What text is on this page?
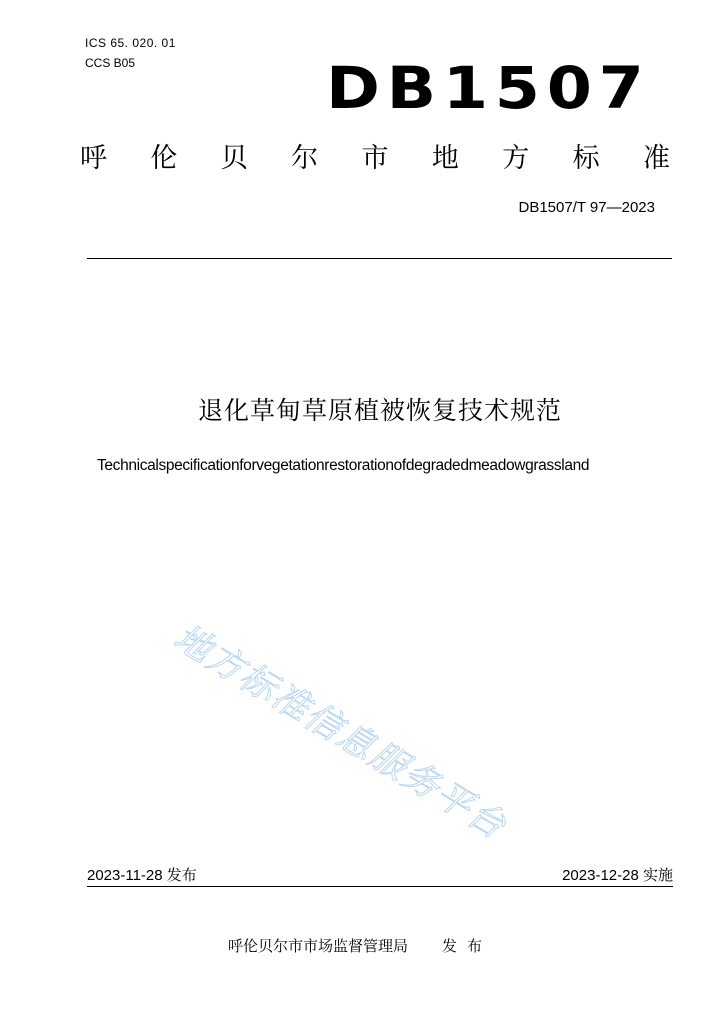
ICS 65. 020. 01
CCS B05	DB1507
呼 伦 贝 尔 市 地 方 标 准
DB1507/T 97—2023
退化草甸草原植被恢复技术规范
Technicalspecificationforvegetationrestorationofdegradedmeadowgrassland
地方标准信息服务平台
2023-11-28 发布	2023-12-28 实施
呼伦贝尔市市场监督管理局 发布
